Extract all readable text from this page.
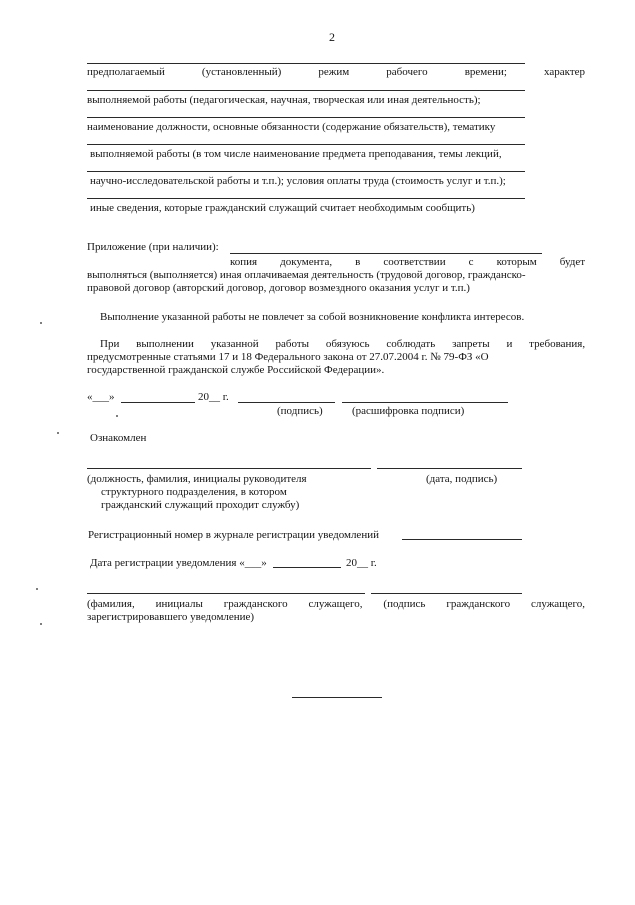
2
предполагаемый	(установленный)	режим	рабочего	времени;	характер
выполняемой работы (педагогическая, научная, творческая или иная деятельность);
наименование должности, основные обязанности (содержание обязательств), тематику
выполняемой работы (в том числе наименование предмета преподавания, темы лекций,
научно-исследовательской работы и т.п.); условия оплаты труда (стоимость услуг и т.п.);
иные сведения, которые гражданский служащий считает необходимым сообщить)
Приложение (при наличии):
копия документа, в соответствии с которым будет
выполняться (выполняется) иная оплачиваемая деятельность (трудовой договор, гражданско-
правовой договор (авторский договор, договор возмездного оказания услуг и т.п.)
Выполнение указанной работы не повлечет за собой возникновение конфликта интересов.
При выполнении указанной работы обязуюсь соблюдать запреты и требования,
предусмотренные статьями 17 и 18 Федерального закона от 27.07.2004 г. № 79-ФЗ «О
государственной гражданской службе Российской Федерации».
«___»	20__ г.
(подпись)	(расшифровка подписи)
Ознакомлен
(должность, фамилия, инициалы руководителя
структурного подразделения, в котором
гражданский служащий проходит службу)
(дата, подпись)
Регистрационный номер в журнале регистрации уведомлений
Дата регистрации уведомления «___»	20__ г.
(фамилия, инициалы гражданского служащего, (подпись гражданского служащего,
зарегистрировавшего уведомление)
